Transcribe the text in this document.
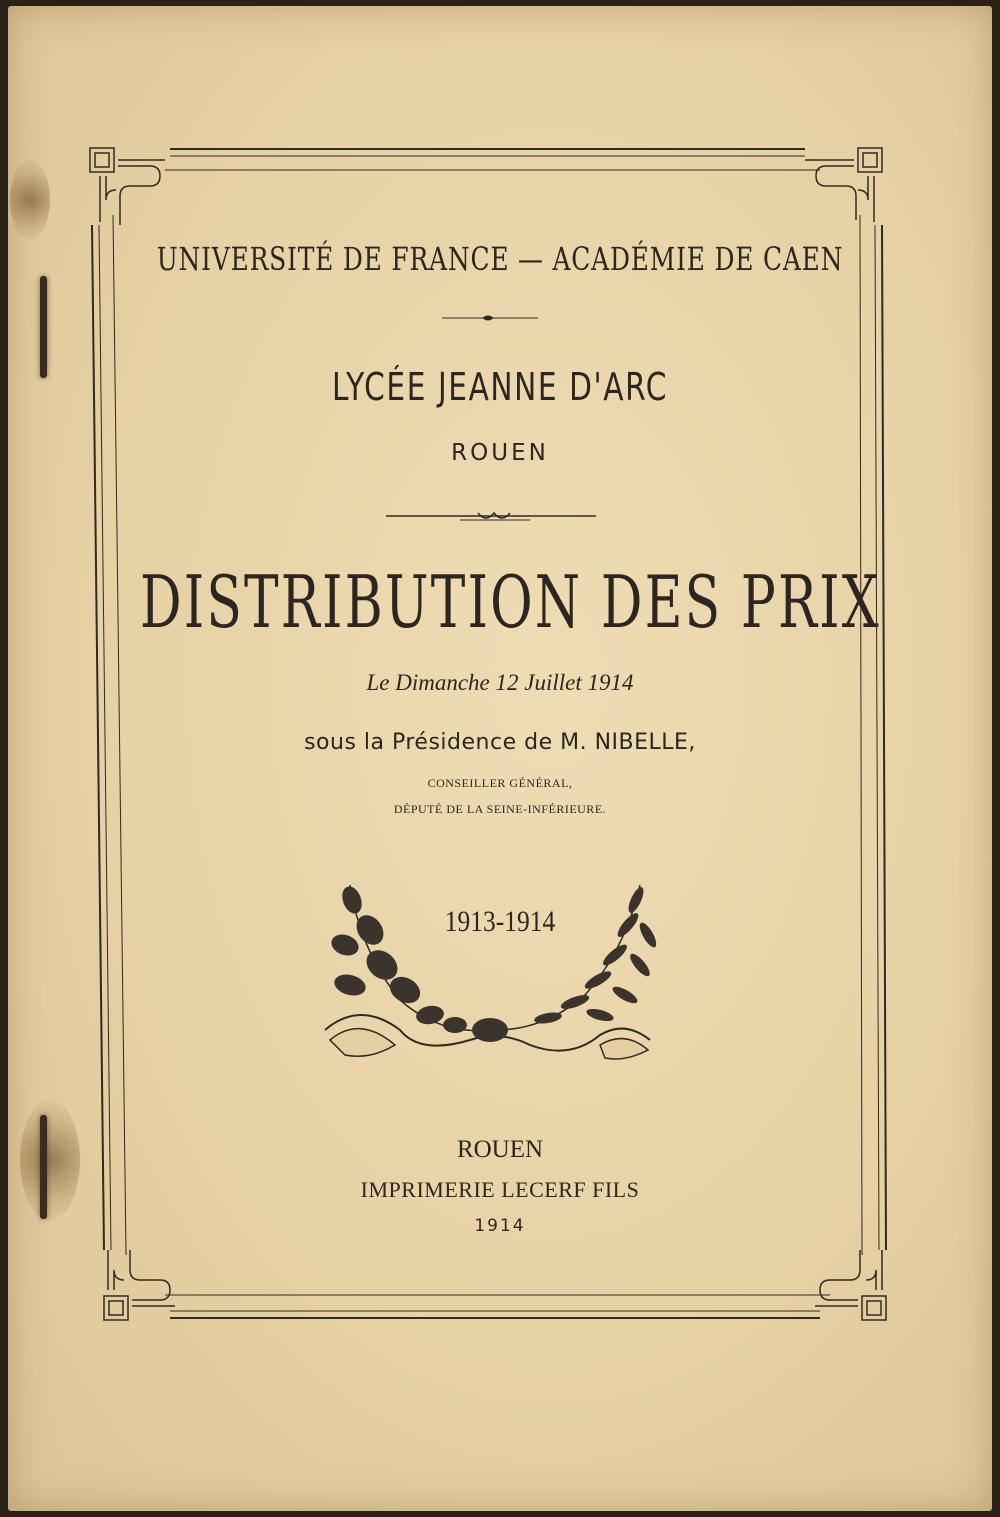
UNIVERSITÉ DE FRANCE — ACADÉMIE DE CAEN
LYCÉE JEANNE D'ARC
ROUEN
DISTRIBUTION DES PRIX
Le Dimanche 12 Juillet 1914
sous la Présidence de M. NIBELLE,
CONSEILLER GÉNÉRAL,
DÉPUTÉ DE LA SEINE-INFÉRIEURE.
1913-1914
ROUEN
IMPRIMERIE LECERF FILS
1914
